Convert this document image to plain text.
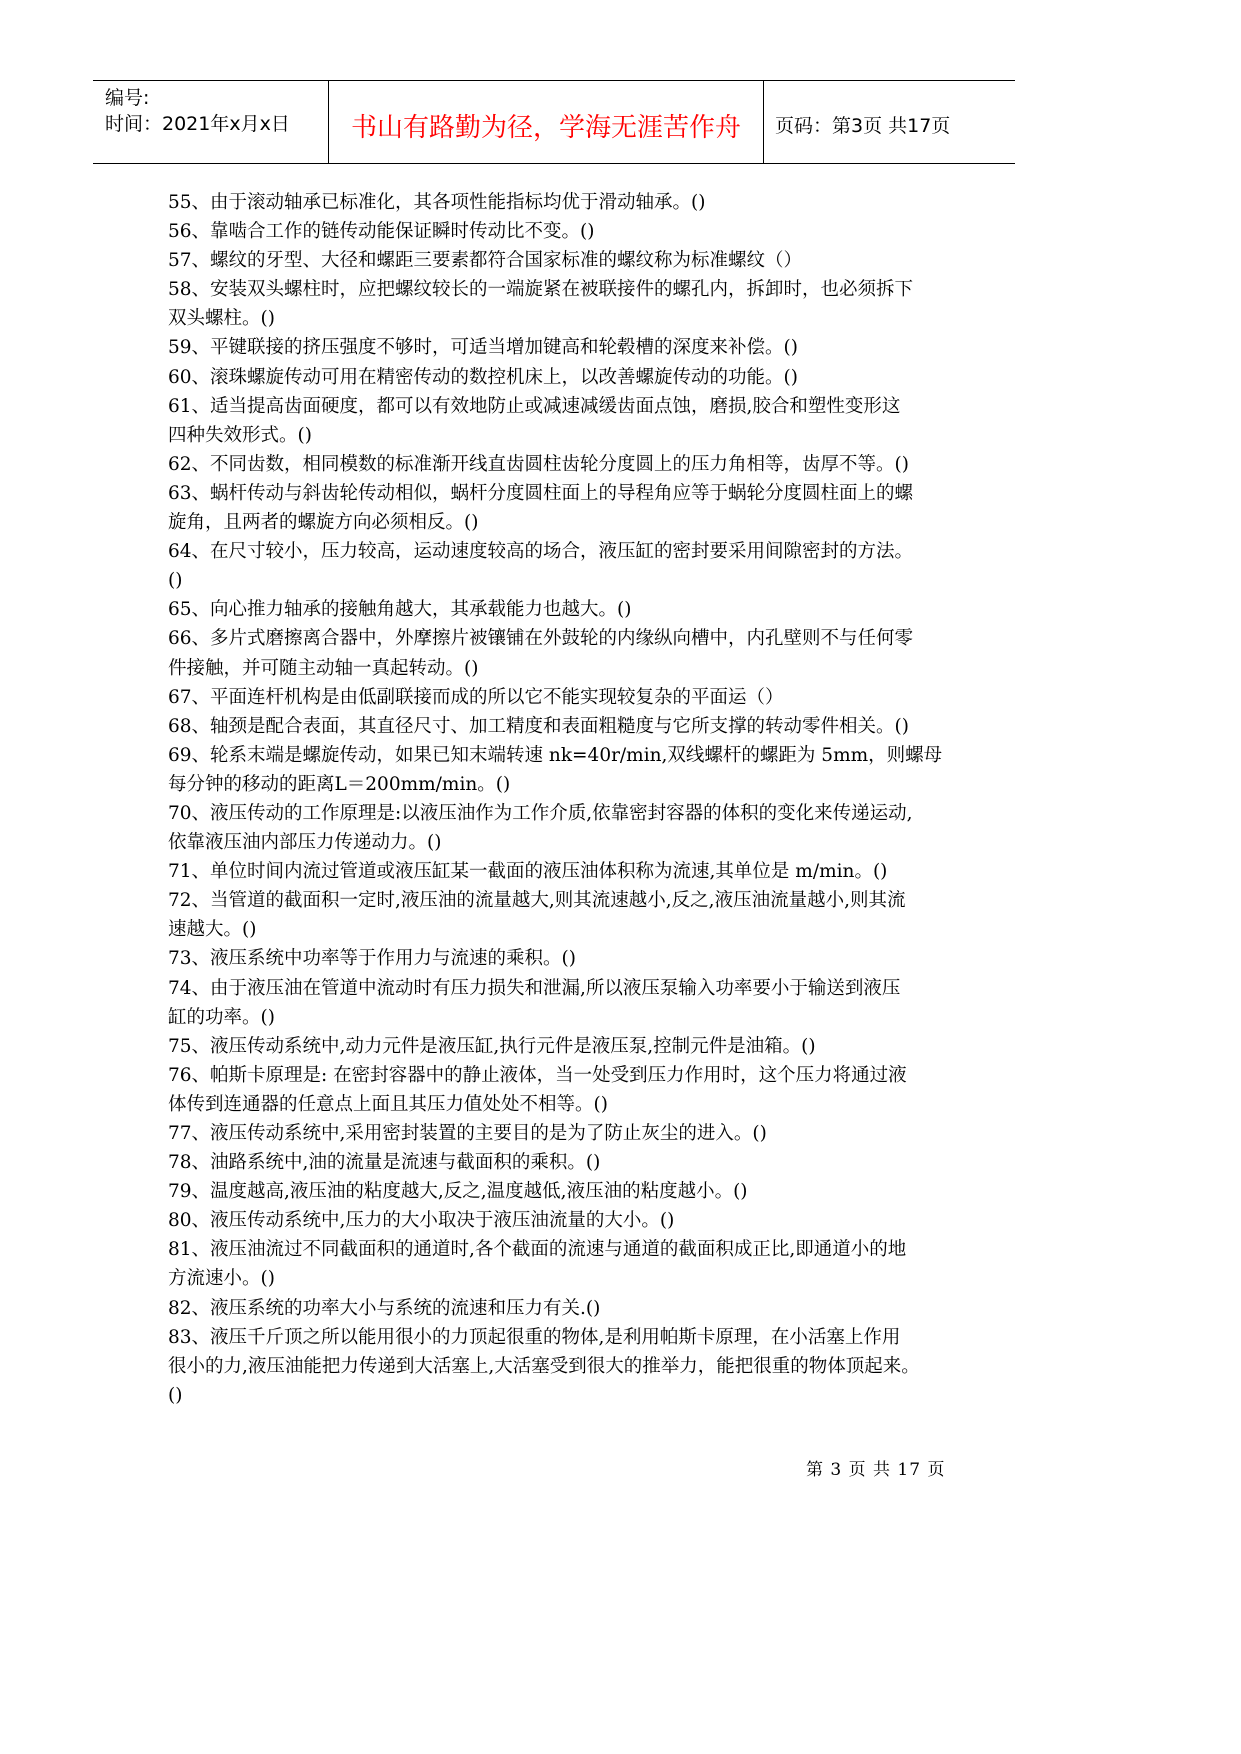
编号:
时间：2021年x月x日	书山有路勤为径，学海无涯苦作舟	页码：第3页 共17页
55、由于滚动轴承已标准化，其各项性能指标均优于滑动轴承。()
56、靠啮合工作的链传动能保证瞬时传动比不变。()
57、螺纹的牙型、大径和螺距三要素都符合国家标准的螺纹称为标准螺纹（）
58、安装双头螺柱时，应把螺纹较长的一端旋紧在被联接件的螺孔内，拆卸时，也必须拆下
双头螺柱。()
59、平键联接的挤压强度不够时，可适当增加键高和轮毂槽的深度来补偿。()
60、滚珠螺旋传动可用在精密传动的数控机床上，以改善螺旋传动的功能。()
61、适当提高齿面硬度，都可以有效地防止或减速减缓齿面点蚀，磨损,胶合和塑性变形这
四种失效形式。()
62、不同齿数，相同模数的标准渐开线直齿圆柱齿轮分度圆上的压力角相等，齿厚不等。()
63、蜗杆传动与斜齿轮传动相似，蜗杆分度圆柱面上的导程角应等于蜗轮分度圆柱面上的螺
旋角，且两者的螺旋方向必须相反。()
64、在尺寸较小，压力较高，运动速度较高的场合，液压缸的密封要采用间隙密封的方法。
()
65、向心推力轴承的接触角越大，其承载能力也越大。()
66、多片式磨擦离合器中，外摩擦片被镶铺在外鼓轮的内缘纵向槽中，内孔壁则不与任何零
件接触，并可随主动轴一真起转动。()
67、平面连杆机构是由低副联接而成的所以它不能实现较复杂的平面运（）
68、轴颈是配合表面，其直径尺寸、加工精度和表面粗糙度与它所支撑的转动零件相关。()
69、轮系末端是螺旋传动，如果已知末端转速 nk=40r/min,双线螺杆的螺距为 5mm，则螺母
每分钟的移动的距离L＝200mm/min。()
70、液压传动的工作原理是:以液压油作为工作介质,依靠密封容器的体积的变化来传递运动,
依靠液压油内部压力传递动力。()
71、单位时间内流过管道或液压缸某一截面的液压油体积称为流速,其单位是 m/min。()
72、当管道的截面积一定时,液压油的流量越大,则其流速越小,反之,液压油流量越小,则其流
速越大。()
73、液压系统中功率等于作用力与流速的乘积。()
74、由于液压油在管道中流动时有压力损失和泄漏,所以液压泵输入功率要小于输送到液压
缸的功率。()
75、液压传动系统中,动力元件是液压缸,执行元件是液压泵,控制元件是油箱。()
76、帕斯卡原理是: 在密封容器中的静止液体，当一处受到压力作用时，这个压力将通过液
体传到连通器的任意点上面且其压力值处处不相等。()
77、液压传动系统中,采用密封装置的主要目的是为了防止灰尘的进入。()
78、油路系统中,油的流量是流速与截面积的乘积。()
79、温度越高,液压油的粘度越大,反之,温度越低,液压油的粘度越小。()
80、液压传动系统中,压力的大小取决于液压油流量的大小。()
81、液压油流过不同截面积的通道时,各个截面的流速与通道的截面积成正比,即通道小的地
方流速小。()
82、液压系统的功率大小与系统的流速和压力有关.()
83、液压千斤顶之所以能用很小的力顶起很重的物体,是利用帕斯卡原理，在小活塞上作用
很小的力,液压油能把力传递到大活塞上,大活塞受到很大的推举力，能把很重的物体顶起来。
()
第 3 页 共 17 页
